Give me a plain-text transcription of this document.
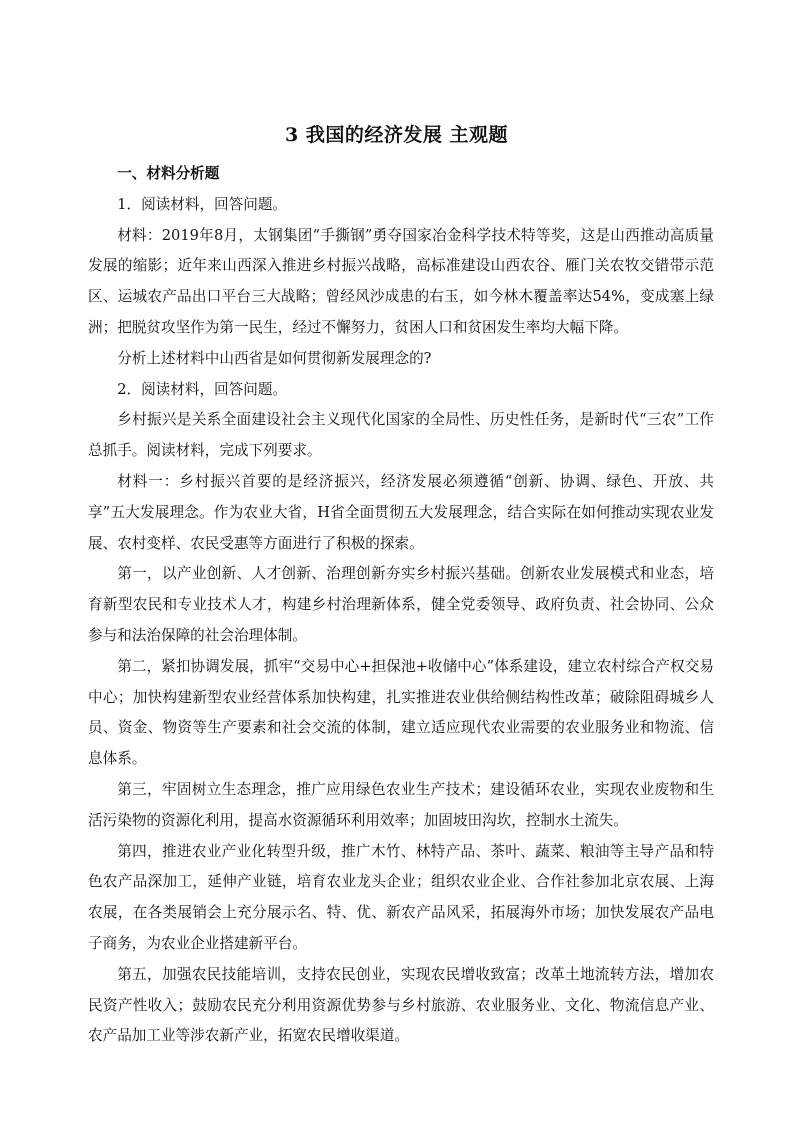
3 我国的经济发展 主观题

一、材料分析题

1．阅读材料，回答问题。

材料：2019年8月，太钢集团“手撕钢”勇夺国家冶金科学技术特等奖，这是山西推动高质量发展的缩影；近年来山西深入推进乡村振兴战略，高标准建设山西农谷、雁门关农牧交错带示范区、运城农产品出口平台三大战略；曾经风沙成患的右玉，如今林木覆盖率达54%，变成塞上绿洲；把脱贫攻坚作为第一民生，经过不懈努力，贫困人口和贫困发生率均大幅下降。

分析上述材料中山西省是如何贯彻新发展理念的?

2．阅读材料，回答问题。

乡村振兴是关系全面建设社会主义现代化国家的全局性、历史性任务，是新时代“三农”工作总抓手。阅读材料，完成下列要求。

材料一：乡村振兴首要的是经济振兴，经济发展必须遵循“创新、协调、绿色、开放、共享”五大发展理念。作为农业大省，H省全面贯彻五大发展理念，结合实际在如何推动实现农业发展、农村变样、农民受惠等方面进行了积极的探索。

第一，以产业创新、人才创新、治理创新夯实乡村振兴基础。创新农业发展模式和业态，培育新型农民和专业技术人才，构建乡村治理新体系，健全党委领导、政府负责、社会协同、公众参与和法治保障的社会治理体制。

第二，紧扣协调发展，抓牢“交易中心+担保池+收储中心”体系建设，建立农村综合产权交易中心；加快构建新型农业经营体系加快构建，扎实推进农业供给侧结构性改革；破除阻碍城乡人员、资金、物资等生产要素和社会交流的体制，建立适应现代农业需要的农业服务业和物流、信息体系。

第三，牢固树立生态理念，推广应用绿色农业生产技术；建设循环农业，实现农业废物和生活污染物的资源化利用，提高水资源循环利用效率；加固坡田沟坎，控制水土流失。

第四，推进农业产业化转型升级，推广木竹、林特产品、茶叶、蔬菜、粮油等主导产品和特色农产品深加工，延伸产业链，培育农业龙头企业；组织农业企业、合作社参加北京农展、上海农展，在各类展销会上充分展示名、特、优、新农产品风采，拓展海外市场；加快发展农产品电子商务，为农业企业搭建新平台。

第五，加强农民技能培训，支持农民创业，实现农民增收致富；改革土地流转方法，增加农民资产性收入；鼓励农民充分利用资源优势参与乡村旅游、农业服务业、文化、物流信息产业、农产品加工业等涉农新产业，拓宽农民增收渠道。
